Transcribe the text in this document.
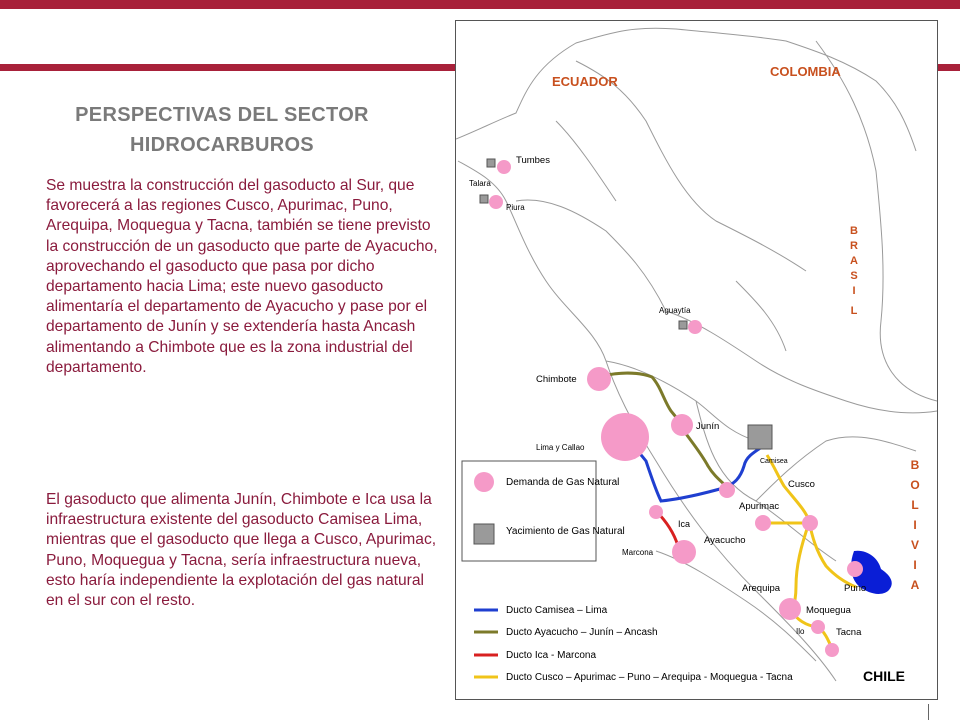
PERSPECTIVAS DEL SECTOR HIDROCARBUROS
Se muestra la construcción del gasoducto al Sur, que favorecerá a las regiones Cusco, Apurimac, Puno, Arequipa, Moquegua y Tacna, también se tiene previsto la construcción de un gasoducto que parte de Ayacucho, aprovechando el gasoducto que pasa por dicho departamento hacia Lima; este nuevo gasoducto alimentaría el departamento de Ayacucho y pase por el departamento de Junín y se extendería hasta Ancash alimentando a Chimbote que es la zona industrial del departamento.
El gasoducto que alimenta Junín, Chimbote e Ica usa la infraestructura existente del gasoducto Camisea Lima, mientras que el gasoducto que llega a Cusco, Apurimac, Puno, Moquegua y Tacna, sería infraestructura nueva, esto haría independiente la explotación del gas natural en el sur con el resto.
ECUADOR
COLOMBIA
CHILE
B
R
A
S
I
L
B
O
L
I
V
I
A
Tumbes
Talara
Piura
Aguaytía
Chimbote
Junín
Lima y Callao
Camisea
Cusco
Apurimac
Ica
Marcona
Ayacucho
Arequipa	Puno
Moquegua
Ilo	Tacna
Demanda de Gas Natural
Yacimiento de Gas Natural
Ducto Camisea – Lima
Ducto Ayacucho – Junín – Ancash
Ducto Ica - Marcona
Ducto Cusco – Apurimac – Puno – Arequipa - Moquegua - Tacna
